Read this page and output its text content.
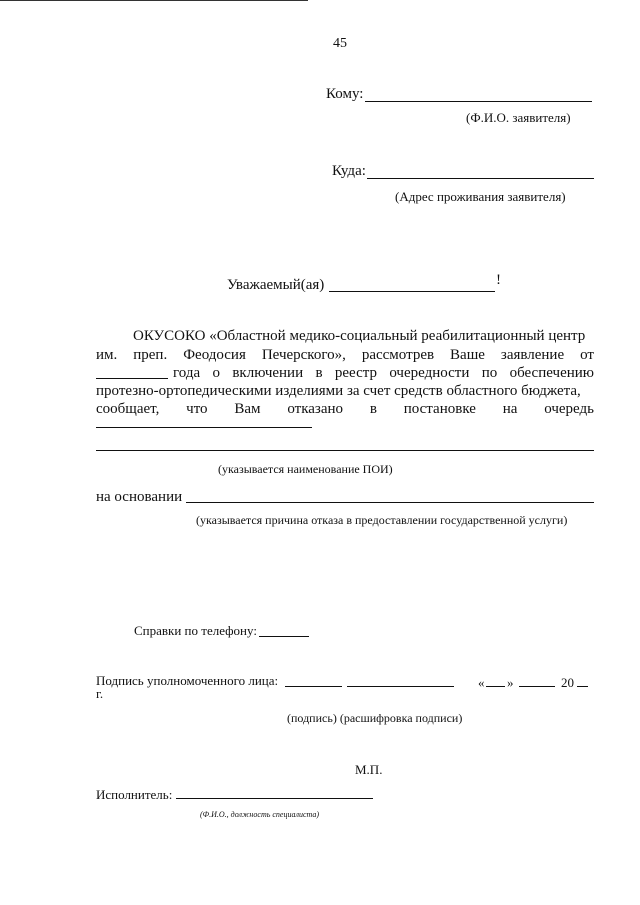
45
Кому:
(Ф.И.О. заявителя)
Куда:
(Адрес проживания заявителя)
Уважаемый(ая)	!
ОКУСОКО «Областной медико-социальный реабилитационный центр
им. преп. Феодосия Печерского», рассмотрев Ваше заявление от
года о включении в реестр очередности по обеспечению
протезно-ортопедическими изделиями за счет средств областного бюджета,
сообщает, что Вам отказано в постановке на очередь
(указывается наименование ПОИ)
на основании
(указывается причина отказа в предоставлении государственной услуги)
Справки по телефону:
Подпись уполномоченного лица:	« »	20
г.
(подпись) (расшифровка подписи)
М.П.
Исполнитель:
(Ф.И.О., должность специалиста)
